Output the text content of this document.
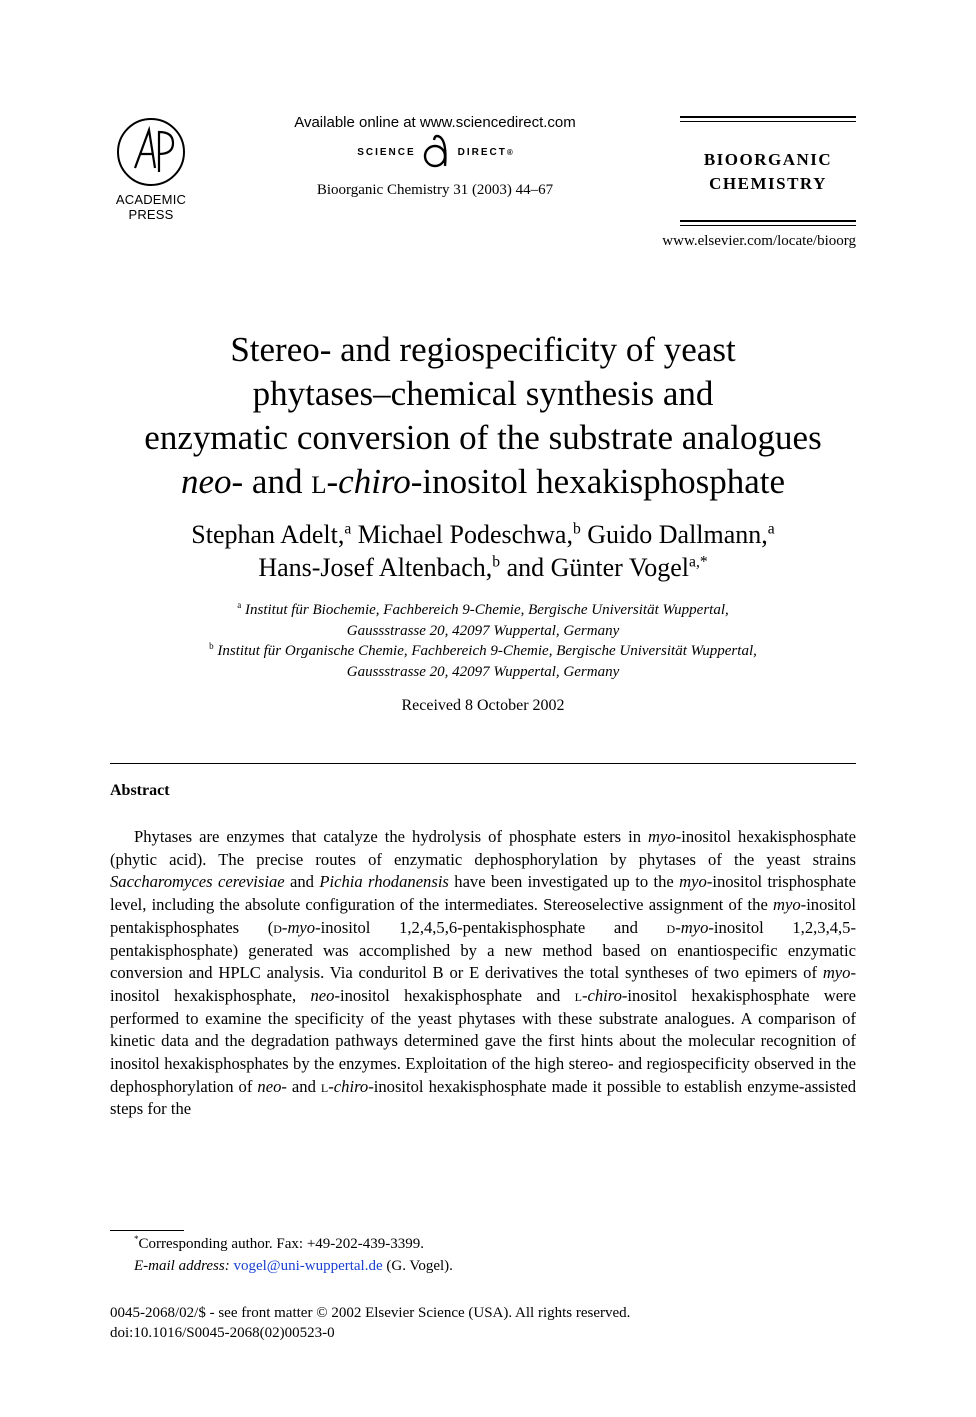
ACADEMIC
PRESS
Available online at www.sciencedirect.com
SCIENCE	DIRECT ®
Bioorganic Chemistry 31 (2003) 44–67
BIOORGANIC
CHEMISTRY
www.elsevier.com/locate/bioorg
Stereo- and regiospecificity of yeast
phytases–chemical synthesis and
enzymatic conversion of the substrate analogues
neo- and l-chiro-inositol hexakisphosphate
Stephan Adelt,$^a$ Michael Podeschwa,$^b$ Guido Dallmann,$^a$
Hans-Josef Altenbach,$^b$ and Günter Vogel$^{a,*}$
$^a$ Institut für Biochemie, Fachbereich 9-Chemie, Bergische Universität Wuppertal,
Gaussstrasse 20, 42097 Wuppertal, Germany
$^b$ Institut für Organische Chemie, Fachbereich 9-Chemie, Bergische Universität Wuppertal,
Gaussstrasse 20, 42097 Wuppertal, Germany
Received 8 October 2002
Abstract

Phytases are enzymes that catalyze the hydrolysis of phosphate esters in myo-inositol hexakisphosphate (phytic acid). The precise routes of enzymatic dephosphorylation by phytases of the yeast strains Saccharomyces cerevisiae and Pichia rhodanensis have been investigated up to the myo-inositol trisphosphate level, including the absolute configuration of the intermediates. Stereoselective assignment of the myo-inositol pentakisphosphates (d-myo-inositol 1,2,4,5,6-pentakisphosphate and d-myo-inositol 1,2,3,4,5-pentakisphosphate) generated was accomplished by a new method based on enantiospecific enzymatic conversion and HPLC analysis. Via conduritol B or E derivatives the total syntheses of two epimers of myo-inositol hexakisphosphate, neo-inositol hexakisphosphate and l-chiro-inositol hexakisphosphate were performed to examine the specificity of the yeast phytases with these substrate analogues. A comparison of kinetic data and the degradation pathways determined gave the first hints about the molecular recognition of inositol hexakisphosphates by the enzymes. Exploitation of the high stereo- and regiospecificity observed in the dephosphorylation of neo- and l-chiro-inositol hexakisphosphate made it possible to establish enzyme-assisted steps for the

*Corresponding author. Fax: +49-202-439-3399.
E-mail address: vogel@uni-wuppertal.de (G. Vogel).
0045-2068/02/$ - see front matter © 2002 Elsevier Science (USA). All rights reserved.
doi:10.1016/S0045-2068(02)00523-0
